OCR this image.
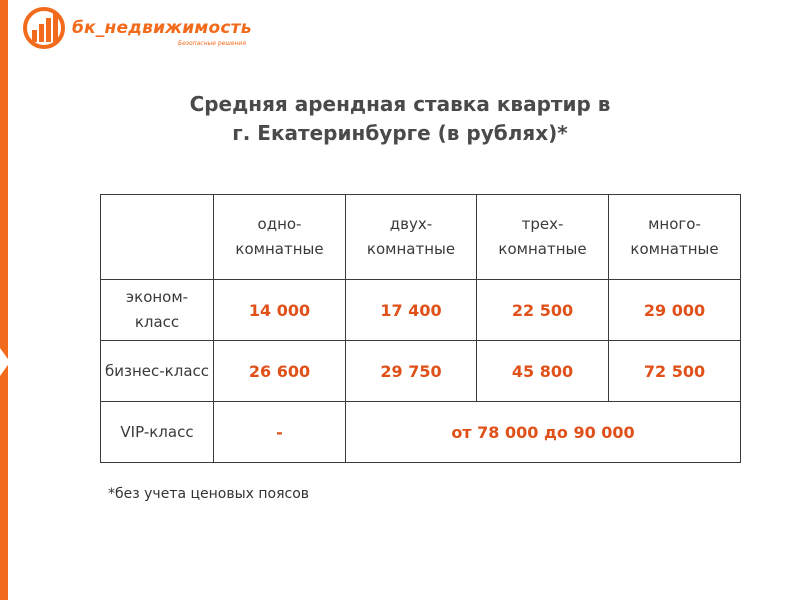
бк_недвижимость
Безопасные решения
Средняя арендная ставка квартир в
г. Екатеринбурге (в рублях)*
	одно-комнатные	двух-комнатные	трех-комнатные	много-комнатные
эконом-класс	14 000	17 400	22 500	29 000
бизнес-класс	26 600	29 750	45 800	72 500
VIP-класс	-	от 78 000 до 90 000		
*без учета ценовых поясов
